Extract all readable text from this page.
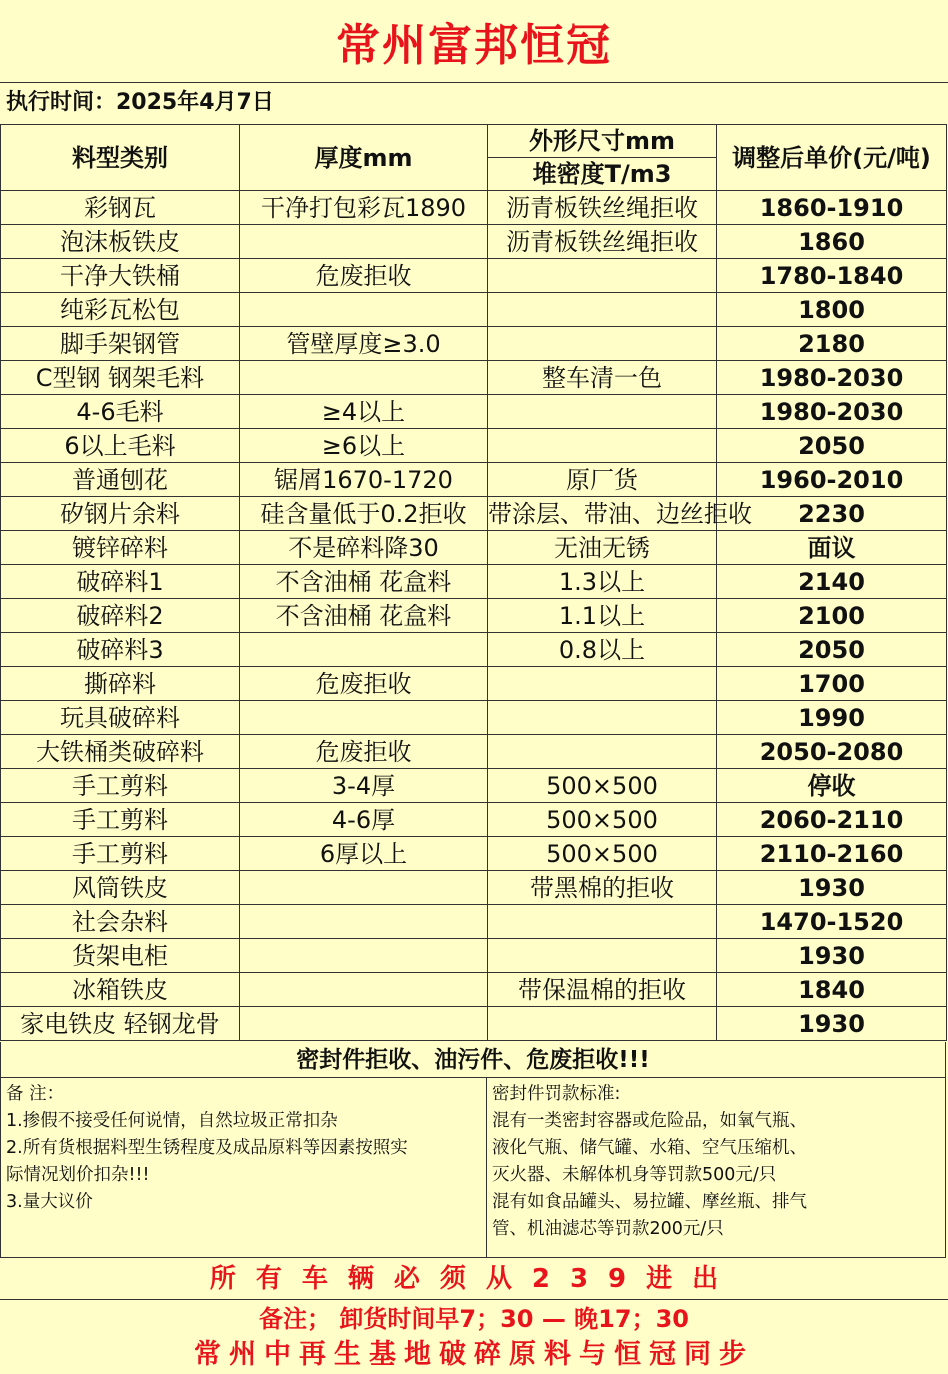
常州富邦恒冠
执行时间：2025年4月7日
料型类别	厚度mm	外形尺寸mm	调整后单价(元/吨)
		堆密度T/m3	
彩钢瓦	干净打包彩瓦1890	沥青板铁丝绳拒收	1860-1910
泡沫板铁皮		沥青板铁丝绳拒收	1860
干净大铁桶	危废拒收		1780-1840
纯彩瓦松包			1800
脚手架钢管	管壁厚度≥3.0		2180
C型钢 钢架毛料		整车清一色	1980-2030
4-6毛料	≥4以上		1980-2030
6以上毛料	≥6以上		2050
普通刨花	锯屑1670-1720	原厂货	1960-2010
矽钢片余料	硅含量低于0.2拒收	带涂层、带油、边丝拒收	2230
镀锌碎料	不是碎料降30	无油无锈	面议
破碎料1	不含油桶 花盒料	1.3以上	2140
破碎料2	不含油桶 花盒料	1.1以上	2100
破碎料3		0.8以上	2050
撕碎料	危废拒收		1700
玩具破碎料			1990
大铁桶类破碎料	危废拒收		2050-2080
手工剪料	3-4厚	500×500	停收
手工剪料	4-6厚	500×500	2060-2110
手工剪料	6厚以上	500×500	2110-2160
风筒铁皮		带黑棉的拒收	1930
社会杂料			1470-1520
货架电柜			1930
冰箱铁皮		带保温棉的拒收	1840
家电铁皮 轻钢龙骨			1930
密封件拒收、油污件、危废拒收!!!
备 注：
1.掺假不接受任何说情，自然垃圾正常扣杂
2.所有货根据料型生锈程度及成品原料等因素按照实
际情况划价扣杂!!!
3.量大议价
密封件罚款标准:
混有一类密封容器或危险品，如氧气瓶、
液化气瓶、储气罐、水箱、空气压缩机、
灭火器、未解体机身等罚款500元/只
混有如食品罐头、易拉罐、摩丝瓶、排气
管、机油滤芯等罚款200元/只
所有车辆必须从239进出
备注； 卸货时间早7；30 — 晚17；30
常州中再生基地破碎原料与恒冠同步
